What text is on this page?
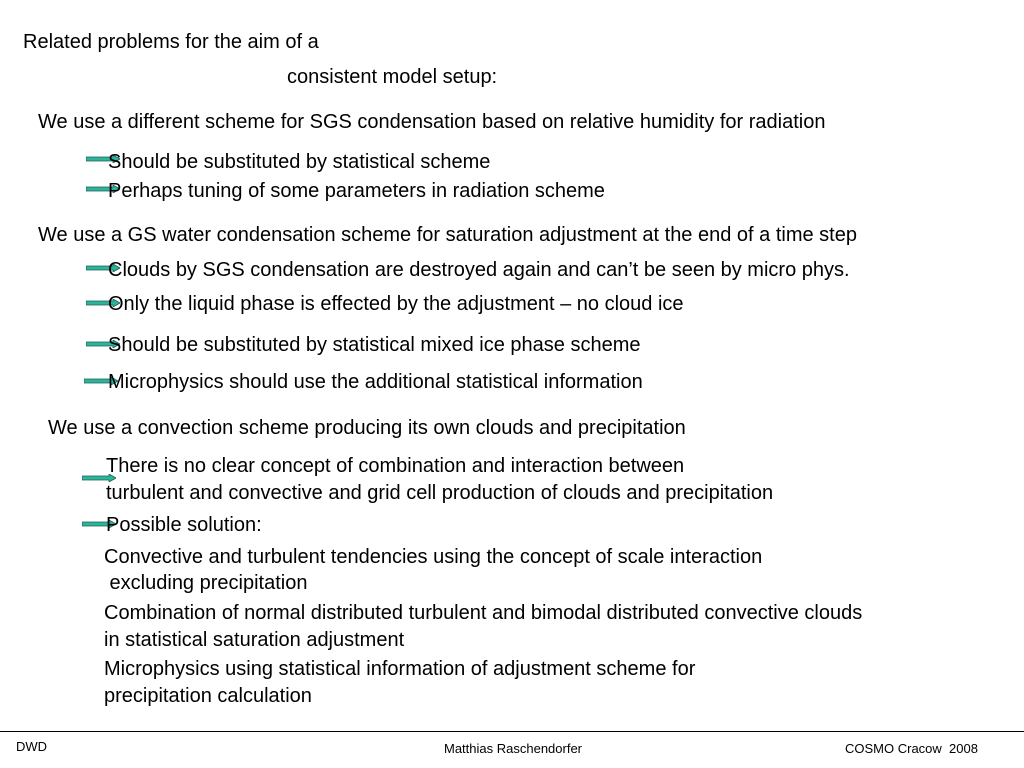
Related problems for the aim of a
consistent model setup:
We use a different scheme for SGS condensation based on relative humidity for radiation
Should be substituted by statistical scheme
Perhaps tuning of some parameters in radiation scheme
We use a GS water condensation scheme for saturation adjustment at the end of a time step
Clouds by SGS condensation are destroyed again and can’t be seen by micro phys.
Only the liquid phase is effected by the adjustment – no cloud ice
Should be substituted by statistical mixed ice phase scheme
Microphysics should use the additional statistical information
We use a convection scheme producing its own clouds and precipitation
There is no clear concept of combination and interaction between
turbulent and convective and grid cell production of clouds and precipitation
Possible solution:
Convective and turbulent tendencies using the concept of scale interaction
excluding precipitation
Combination of normal distributed turbulent and bimodal distributed convective clouds
in statistical saturation adjustment
Microphysics using statistical information of adjustment scheme for
precipitation calculation
DWD	Matthias Raschendorfer	COSMO Cracow  2008
